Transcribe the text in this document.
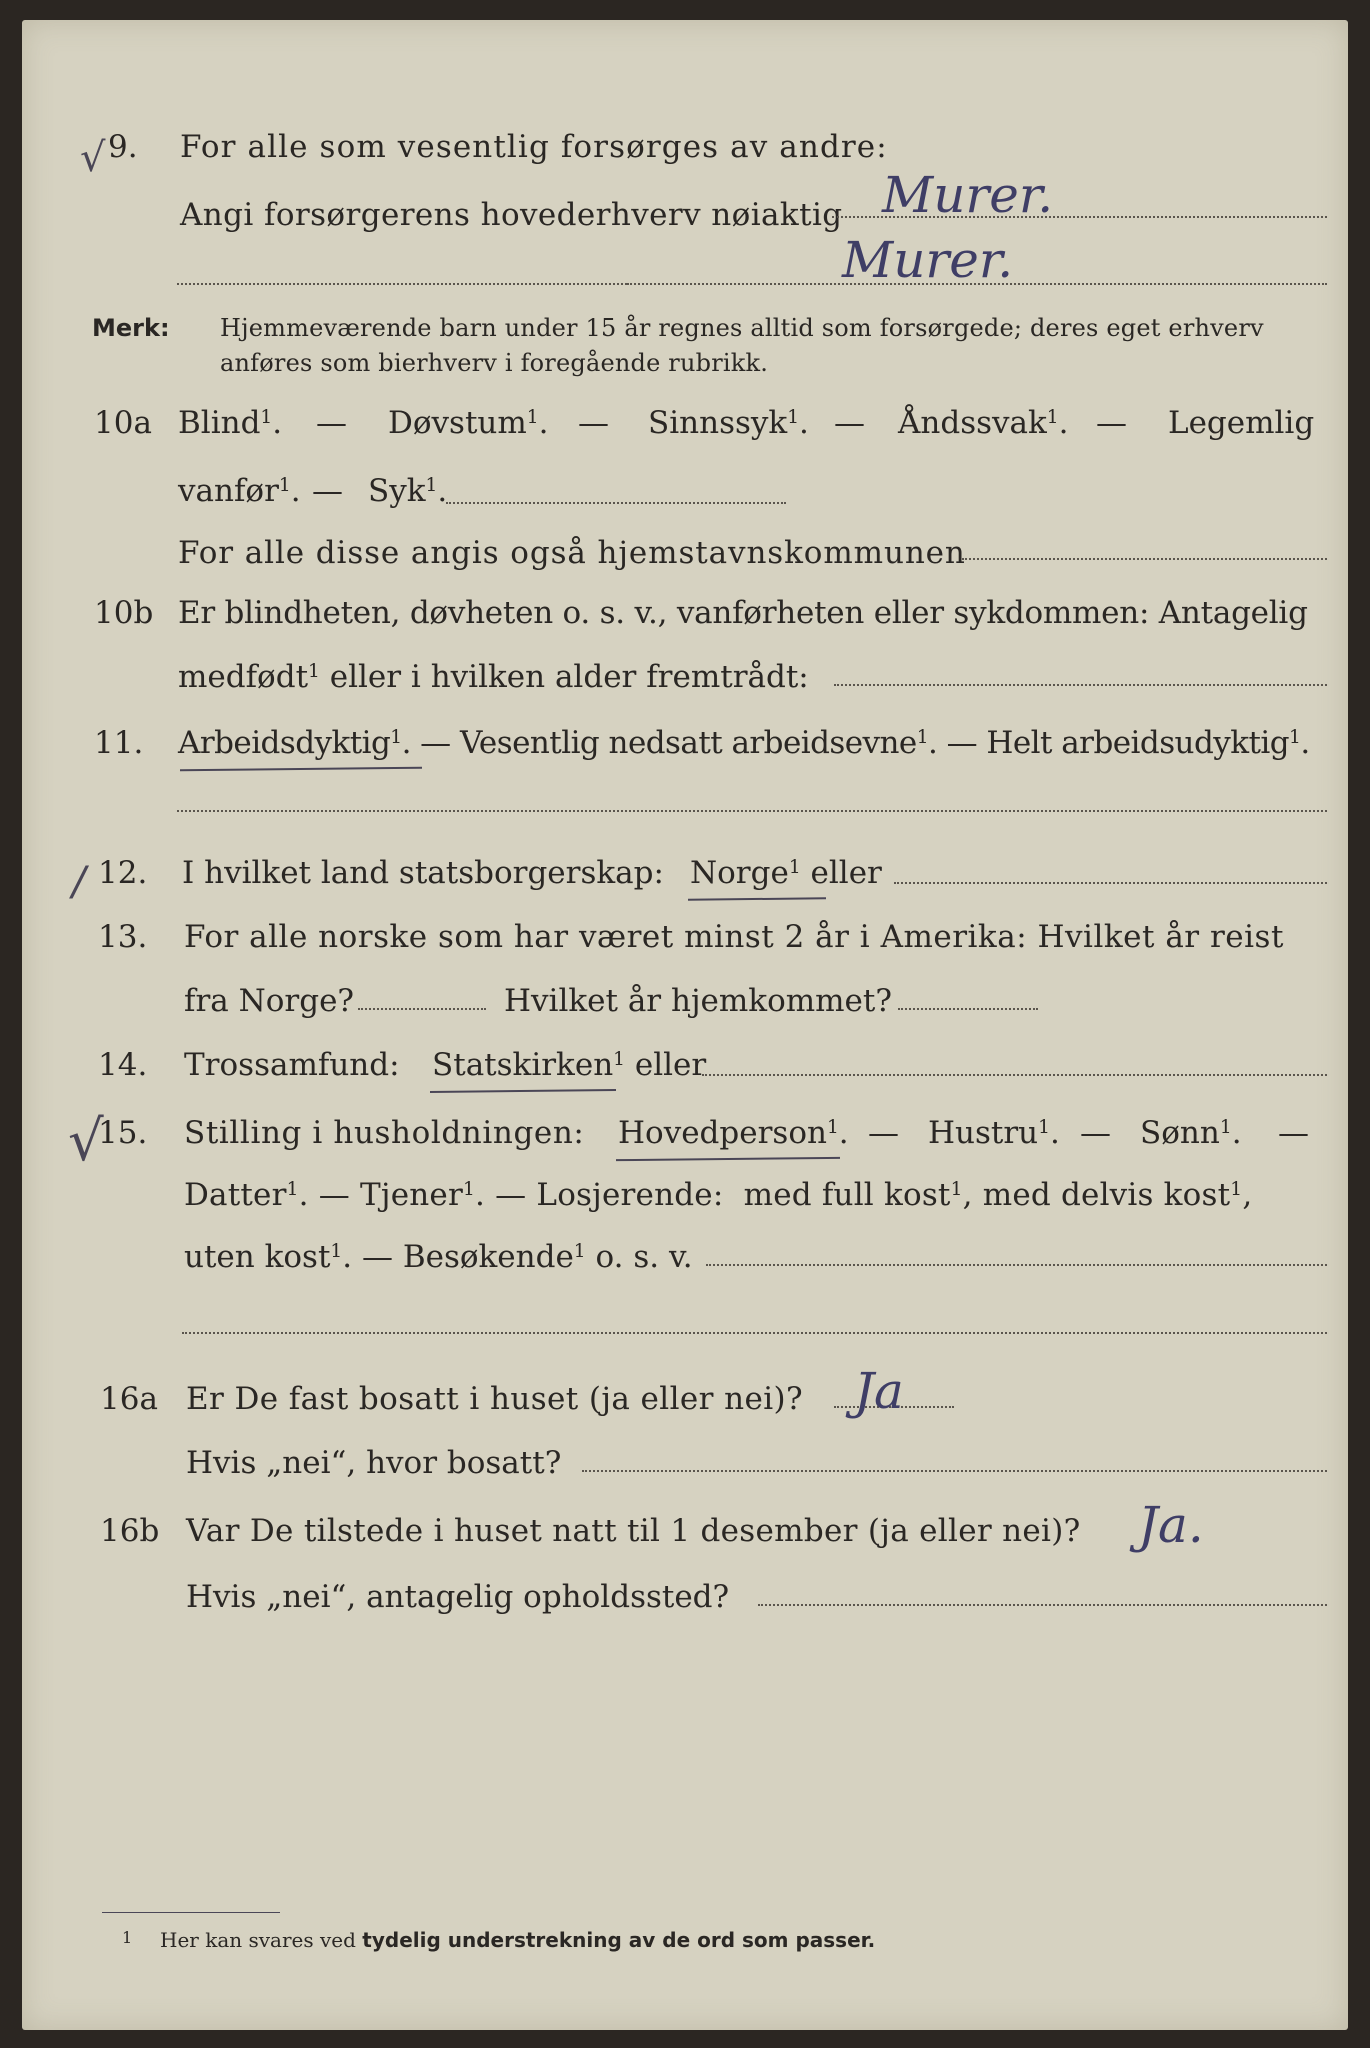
√ 9. For alle som vesentlig forsørges av andre:
Angi forsørgerens hovederhverv nøiaktig Murer.
Murer.
Merk: Hjemmeværende barn under 15 år regnes alltid som forsørgede; deres eget erhverv
anføres som bierhverv i foregående rubrikk.
10a Blind$^1$. — Døvstum$^1$. — Sinnssyk$^1$. — Åndssvak$^1$. — Legemlig
vanfør$^1$. — Syk$^1$.
For alle disse angis også hjemstavnskommunen
10b Er blindheten, døvheten o. s. v., vanførheten eller sykdommen: Antagelig
medfødt$^1$ eller i hvilken alder fremtrådt:
11. Arbeidsdyktig$^1$. — Vesentlig nedsatt arbeidsevne$^1$. — Helt arbeidsudyktig$^1$.
/ 12. I hvilket land statsborgerskap: Norge$^1$ eller
13. For alle norske som har været minst 2 år i Amerika: Hvilket år reist
fra Norge?	Hvilket år hjemkommet?
14. Trossamfund: Statskirken$^1$ eller
√
15. Stilling i husholdningen: Hovedperson$^1$. — Hustru$^1$. — Sønn$^1$. —
Datter$^1$. — Tjener$^1$. — Losjerende: med full kost$^1$, med delvis kost$^1$,
uten kost$^1$. — Besøkende$^1$ o. s. v.
16a Er De fast bosatt i huset (ja eller nei)? Ja
Hvis „nei“, hvor bosatt?
16b Var De tilstede i huset natt til 1 desember (ja eller nei)? Ja.
Hvis „nei“, antagelig opholdssted?
1 Her kan svares ved tydelig understrekning av de ord som passer.
